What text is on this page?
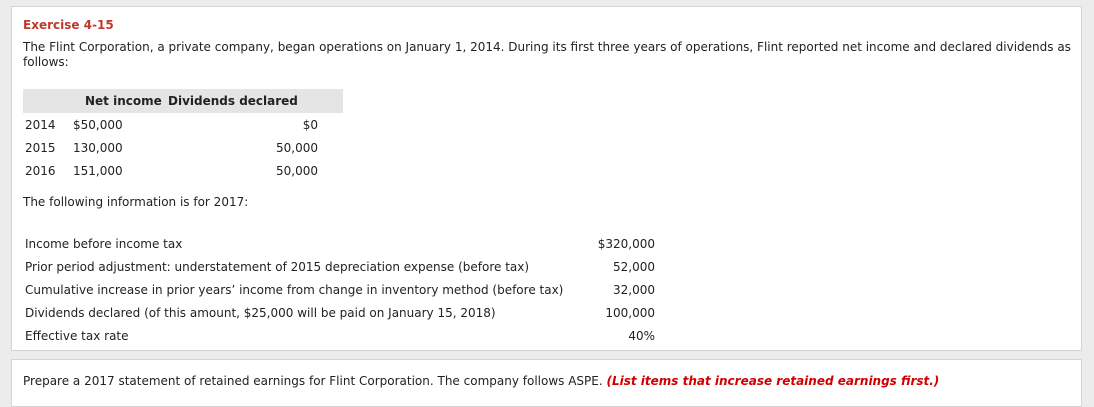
Exercise 4-15
The Flint Corporation, a private company, began operations on January 1, 2014. During its first three years of operations, Flint reported net income and declared dividends as follows:
	Net income	Dividends declared
2014	$50,000	$0
2015	130,000	50,000
2016	151,000	50,000
The following information is for 2017:
Income before income tax	$320,000
Prior period adjustment: understatement of 2015 depreciation expense (before tax)	52,000
Cumulative increase in prior years’ income from change in inventory method (before tax)	32,000
Dividends declared (of this amount, $25,000 will be paid on January 15, 2018)	100,000
Effective tax rate	40%
Prepare a 2017 statement of retained earnings for Flint Corporation. The company follows ASPE. (List items that increase retained earnings first.)
